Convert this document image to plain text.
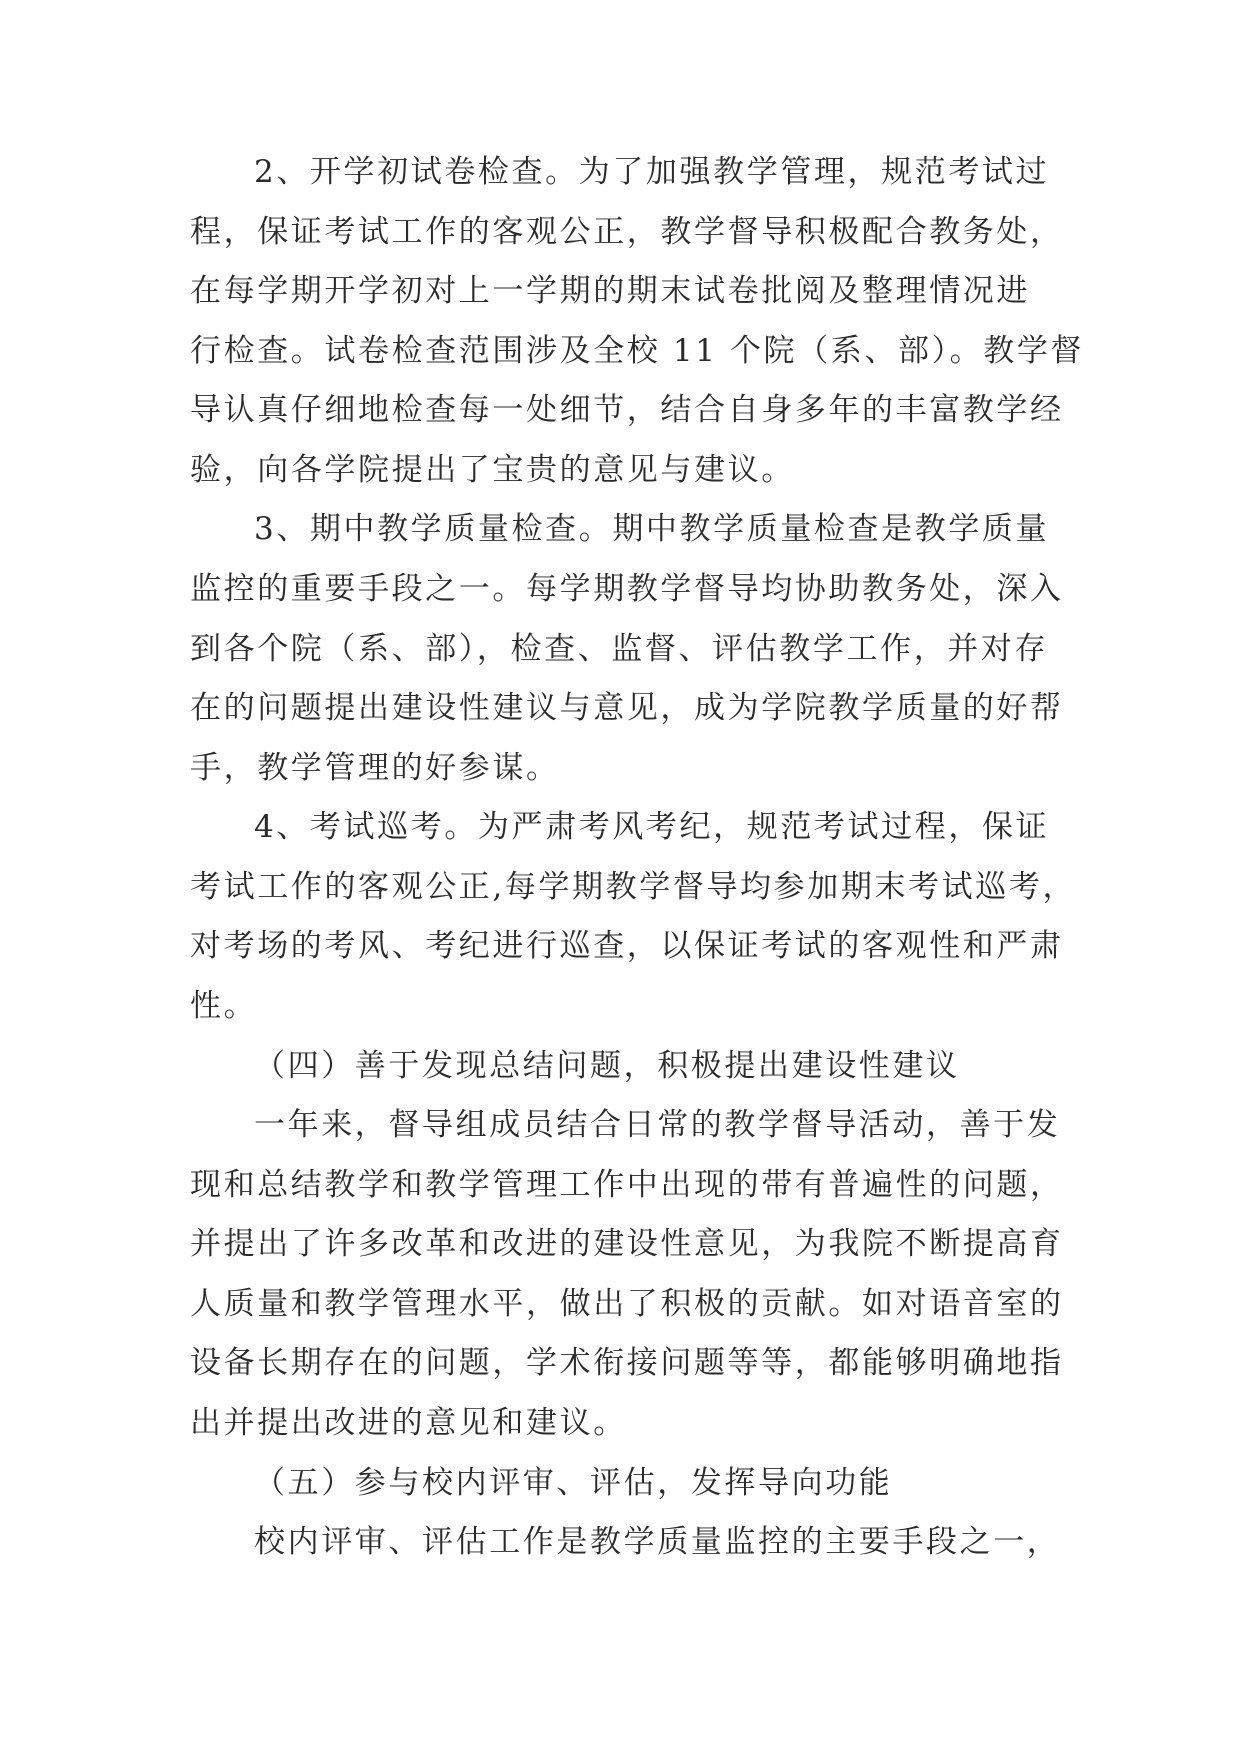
2、开学初试卷检查。为了加强教学管理，规范考试过
程，保证考试工作的客观公正，教学督导积极配合教务处，
在每学期开学初对上一学期的期末试卷批阅及整理情况进
行检查。试卷检查范围涉及全校 11 个院（系、部）。教学督
导认真仔细地检查每一处细节，结合自身多年的丰富教学经
验，向各学院提出了宝贵的意见与建议。
3、期中教学质量检查。期中教学质量检查是教学质量
监控的重要手段之一。每学期教学督导均协助教务处，深入
到各个院（系、部），检查、监督、评估教学工作，并对存
在的问题提出建设性建议与意见，成为学院教学质量的好帮
手，教学管理的好参谋。
4、考试巡考。为严肃考风考纪，规范考试过程，保证
考试工作的客观公正,每学期教学督导均参加期末考试巡考，
对考场的考风、考纪进行巡查，以保证考试的客观性和严肃
性。
（四）善于发现总结问题，积极提出建设性建议
一年来，督导组成员结合日常的教学督导活动，善于发
现和总结教学和教学管理工作中出现的带有普遍性的问题，
并提出了许多改革和改进的建设性意见，为我院不断提高育
人质量和教学管理水平，做出了积极的贡献。如对语音室的
设备长期存在的问题，学术衔接问题等等，都能够明确地指
出并提出改进的意见和建议。
（五）参与校内评审、评估，发挥导向功能
校内评审、评估工作是教学质量监控的主要手段之一，
